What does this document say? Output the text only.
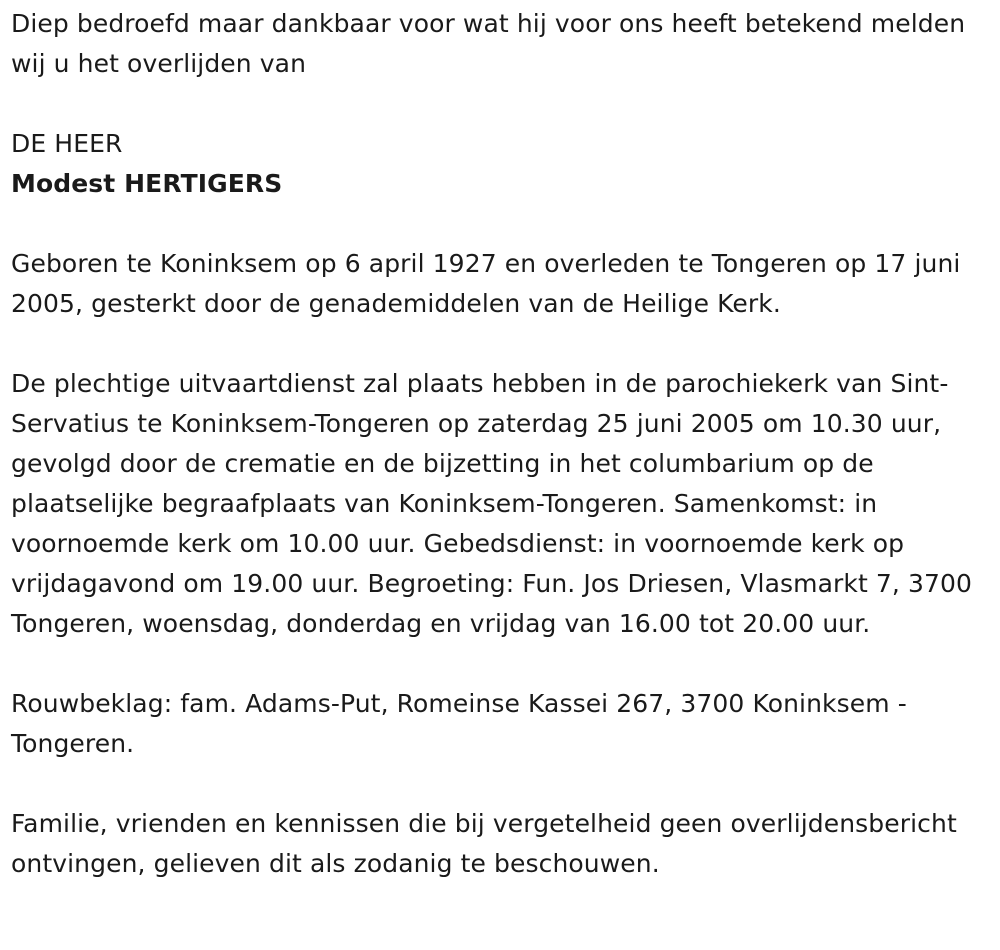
Diep bedroefd maar dankbaar voor wat hij voor ons heeft betekend melden wij u het overlijden van

DE HEER

Modest HERTIGERS

Geboren te Koninksem op 6 april 1927 en overleden te Tongeren op 17 juni 2005, gesterkt door de genademiddelen van de Heilige Kerk.

De plechtige uitvaartdienst zal plaats hebben in de parochiekerk van Sint-Servatius te Koninksem-Tongeren op zaterdag 25 juni 2005 om 10.30 uur, gevolgd door de crematie en de bijzetting in het columbarium op de plaatselijke begraafplaats van Koninksem-Tongeren. Samenkomst: in voornoemde kerk om 10.00 uur. Gebedsdienst: in voornoemde kerk op vrijdagavond om 19.00 uur. Begroeting: Fun. Jos Driesen, Vlasmarkt 7, 3700 Tongeren, woensdag, donderdag en vrijdag van 16.00 tot 20.00 uur.

Rouwbeklag: fam. Adams-Put, Romeinse Kassei 267, 3700 Koninksem - Tongeren.

Familie, vrienden en kennissen die bij vergetelheid geen overlijdensbericht ontvingen, gelieven dit als zodanig te beschouwen.
